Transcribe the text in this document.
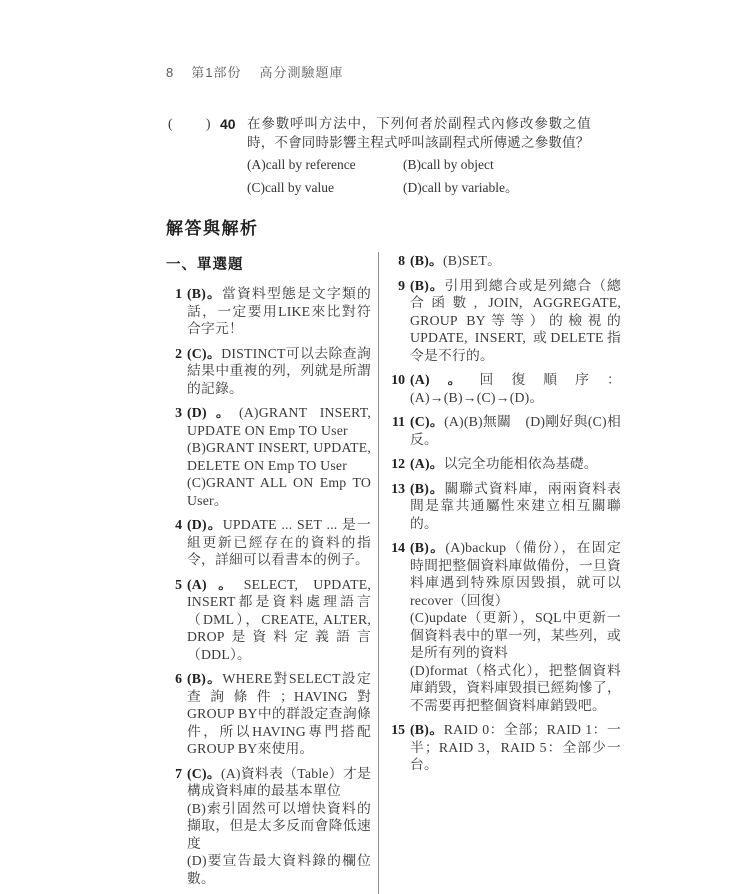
8 第1部份 高分測驗題庫
( ) 40 在參數呼叫方法中，下列何者於副程式內修改參數之值時，不會同時影響主程式呼叫該副程式所傳遞之參數值？
(A)call by reference	(B)call by object
(C)call by value	(D)call by variable。
解答與解析
一、單選題
1 (B)。當資料型態是文字類的話，一定要用LIKE來比對符合字元！
2 (C)。DISTINCT可以去除查詢結果中重複的列，列就是所謂的記錄。
3 (D)。(A)GRANT INSERT, UPDATE ON Emp TO User
(B)GRANT INSERT, UPDATE, DELETE ON Emp TO User
(C)GRANT ALL ON Emp TO User。
4 (D)。UPDATE ... SET ... 是一組更新已經存在的資料的指令，詳細可以看書本的例子。
5 (A)。SELECT, UPDATE, INSERT都是資料處理語言（DML），CREATE, ALTER, DROP是資料定義語言（DDL）。
6 (B)。WHERE對SELECT設定查詢條件；HAVING對GROUP BY中的群設定查詢條件，所以HAVING專門搭配GROUP BY來使用。
7 (C)。(A)資料表（Table）才是構成資料庫的最基本單位
(B)索引固然可以增快資料的擷取，但是太多反而會降低速度
(D)要宣告最大資料錄的欄位數。
8 (B)。(B)SET。
9 (B)。引用到總合或是列總合（總合函數, JOIN, AGGREGATE, GROUP BY等等）的檢視的UPDATE, INSERT, 或DELETE指令是不行的。
10 (A)。回復順序：(A)→(B)→(C)→(D)。
11 (C)。(A)(B)無關　(D)剛好與(C)相反。
12 (A)。以完全功能相依為基礎。
13 (B)。關聯式資料庫，兩兩資料表間是靠共通屬性來建立相互關聯的。
14 (B)。(A)backup（備份），在固定時間把整個資料庫做備份，一旦資料庫遇到特殊原因毀損，就可以recover（回復）
(C)update（更新），SQL中更新一個資料表中的單一列，某些列，或是所有列的資料
(D)format（格式化），把整個資料庫銷毀，資料庫毀損已經夠慘了，不需要再把整個資料庫銷毀吧。
15 (B)。RAID 0：全部；RAID 1：一半；RAID 3，RAID 5：全部少一台。
